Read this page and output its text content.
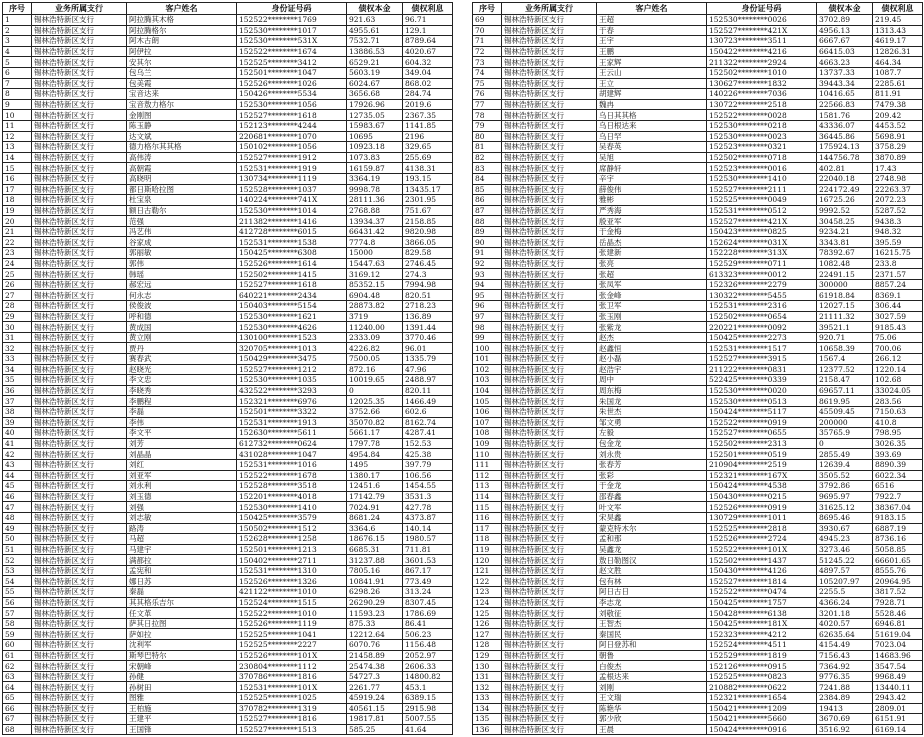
序号	业务所属支行	客户姓名	身份证号码	债权本金	债权利息
1	锡林浩特新区支行	阿拉腾其木格	152522********1769	921.63	96.71
2	锡林浩特新区支行	阿拉腾格尔	152530********1017	4955.61	129.1
3	锡林浩特新区支行	阿木古朗	152530********531X	7532.71	8789.64
4	锡林浩特新区支行	阿伊拉	152522********1674	13886.53	4020.67
5	锡林浩特新区支行	安其尔	152525********3412	6529.21	604.32
6	锡林浩特新区支行	包乌兰	152501********1047	5603.19	349.04
7	锡林浩特新区支行	包美霞	152526********1026	6024.67	868.02
8	锡林浩特新区支行	宝音达来	150426********5534	3656.68	284.74
9	锡林浩特新区支行	宝音敖力格尔	152530********1056	17926.96	2019.6
10	锡林浩特新区支行	金刚图	152527********1618	12735.05	2367.35
11	锡林浩特新区支行	陈玉静	152123********4244	15983.67	1141.85
12	锡林浩特新区支行	达文斌	220681********1070	10695	2196
13	锡林浩特新区支行	德力格尔其其格	150102********1056	10923.18	329.65
14	锡林浩特新区支行	高伟涛	152527********1912	1073.83	255.69
15	锡林浩特新区支行	高朝霞	152531********1919	16159.87	4138.31
16	锡林浩特新区支行	高晓明	130734********1119	3364.19	193.15
17	锡林浩特新区支行	都日斯哈拉图	152528********1037	9998.78	13435.17
18	锡林浩特新区支行	杜宝泉	140224********741X	28111.36	2301.95
19	锡林浩特新区支行	额日古勒尔	152530********1014	2768.88	751.67
20	锡林浩特新区支行	范强	211382********1416	13934.37	2158.85
21	锡林浩特新区支行	冯艺伟	412728********6015	66431.42	9820.98
22	锡林浩特新区支行	谷家成	152531********1538	7774.8	3866.05
23	锡林浩特新区支行	郭丽敏	150425********6308	15000	829.58
24	锡林浩特新区支行	郭伟	152526********1614	15447.63	2746.45
25	锡林浩特新区支行	韩瑶	152502********1415	3169.12	274.3
26	锡林浩特新区支行	郝宏远	152527********1618	85352.15	7994.98
27	锡林浩特新区支行	何永志	640221********2434	6904.48	820.51
28	锡林浩特新区支行	侯俊波	150403********5154	28873.82	2718.23
29	锡林浩特新区支行	呼和德	152530********1621	3719	136.89
30	锡林浩特新区支行	黄成国	152530********4626	11240.00	1391.44
31	锡林浩特新区支行	黄立刚	130100********1523	2333.09	3770.46
32	锡林浩特新区支行	贾丹	320705********1013	4226.82	96.01
33	锡林浩特新区支行	赛春武	150429********3475	7500.05	1335.79
34	锡林浩特新区支行	赵晓光	152527********1212	872.16	47.96
35	锡林浩特新区支行	李文忠	152530********1035	10019.65	2488.97
36	锡林浩特新区支行	李晓秀	432522********3293	0	820.11
37	锡林浩特新区支行	李鹏程	152321********6976	12025.35	1466.49
38	锡林浩特新区支行	李磊	152501********3322	3752.66	602.6
39	锡林浩特新区支行	李伟	152531********1913	35070.82	8162.74
40	锡林浩特新区支行	李文平	152630********5611	5661.17	4287.41
41	锡林浩特新区支行	刘芳	612732********0624	1797.78	152.53
42	锡林浩特新区支行	刘晶晶	431028********1047	4954.84	425.38
43	锡林浩特新区支行	刘红	152531********1016	1495	397.79
44	锡林浩特新区支行	刘亚军	152522********1678	1380.17	106.56
45	锡林浩特新区支行	刘永利	152528********3518	12451.6	1454.55
46	锡林浩特新区支行	刘玉德	152201********4018	17142.79	3531.3
47	锡林浩特新区支行	刘强	152530********1410	7024.91	427.78
48	锡林浩特新区支行	刘志敏	150425********3579	8681.24	4373.87
49	锡林浩特新区支行	路涛	150502********1512	3364.6	140.14
50	锡林浩特新区支行	马超	152628********1258	18676.15	1980.57
51	锡林浩特新区支行	马建宇	152501********1213	6685.31	711.81
52	锡林浩特新区支行	满都拉	150402********2711	31237.88	3601.53
53	锡林浩特新区支行	孟宪和	152531********1310	7805.16	867.17
54	锡林浩特新区支行	娜日苏	152526********1326	10841.91	773.49
55	锡林浩特新区支行	秦磊	421122********1010	6298.26	313.24
56	锡林浩特新区支行	其其格乐吉尔	152524********1515	26290.29	8307.45
57	锡林浩特新区支行	任文革	152522********1010	11593.23	1786.69
58	锡林浩特新区支行	萨其日拉图	152526********1119	875.33	86.41
59	锡林浩特新区支行	萨如拉	152525********1041	12212.64	506.23
60	锡林浩特新区支行	沈利军	152525********2227	6070.76	1156.48
61	锡林浩特新区支行	斯琴巴特尔	152526********101X	21458.89	2052.97
62	锡林浩特新区支行	宋朝峰	230804********1112	25474.38	2606.33
63	锡林浩特新区支行	孙健	370786********1816	54727.3	14800.82
64	锡林浩特新区支行	孙树田	152531********101X	2261.77	453.1
65	锡林浩特新区支行	图雅	152525********1025	45919.24	6389.15
66	锡林浩特新区支行	王柏施	370782********1319	40561.15	2915.98
67	锡林浩特新区支行	王建平	152527********1816	19817.81	5007.55
68	锡林浩特新区支行	王国锋	152527********1513	585.25	41.64
序号	业务所属支行	客户姓名	身份证号码	债权本金	债权利息
69	锡林浩特新区支行	王超	152530********0026	3702.89	219.45
70	锡林浩特新区支行	于春	152527********421X	4956.13	1313.43
71	锡林浩特新区支行	王宇	130723********3511	6667.67	4619.17
72	锡林浩特新区支行	王鹏	150422********4216	66415.03	12826.31
73	锡林浩特新区支行	王家辉	211322********2924	4663.23	464.34
74	锡林浩特新区支行	王云山	152502********1010	13737.33	1087.7
75	锡林浩特新区支行	王立	130627********1832	39443.34	2285.61
76	锡林浩特新区支行	胡建辉	140226********7036	10416.65	811.91
77	锡林浩特新区支行	魏冉	130722********2518	22566.83	7479.38
78	锡林浩特新区支行	乌日其其格	152522********0028	1581.76	209.42
79	锡林浩特新区支行	乌日根达来	152530********0218	43336.07	4453.52
80	锡林浩特新区支行	乌日罕	152530********0023	36445.86	5698.91
81	锡林浩特新区支行	吴春英	152523********0321	175924.13	3758.29
82	锡林浩特新区支行	吴旭	152502********0718	144756.78	3870.89
83	锡林浩特新区支行	席静轩	152523********0016	402.81	17.43
84	锡林浩特新区支行	辛宇	152530********1410	22040.18	2748.98
85	锡林浩特新区支行	薛俊伟	152527********2111	224172.49	22263.37
86	锡林浩特新区支行	雅彬	152525********0049	16725.26	2072.23
87	锡林浩特新区支行	严秀海	152531********0512	9992.52	5287.52
88	锡林浩特新区支行	殷亚军	152527********421X	30458.25	9438.3
89	锡林浩特新区支行	于金梅	150423********0825	9234.21	948.32
90	锡林浩特新区支行	岳晶杰	152624********031X	3343.81	395.59
91	锡林浩特新区支行	张建新	152228********313X	78392.67	16215.75
92	锡林浩特新区支行	张亮	152529********0711	1082.48	233.8
93	锡林浩特新区支行	张超	613323********0012	22491.15	2371.57
94	锡林浩特新区支行	张凤军	152326********2279	300000	8857.24
95	锡林浩特新区支行	张金峰	130322********5455	61918.84	8369.1
96	锡林浩特新区支行	张卫军	152531********2316	12027.15	306.44
97	锡林浩特新区支行	张玉刚	152502********0654	21111.32	3027.59
98	锡林浩特新区支行	张紫龙	220221********0092	39521.1	9185.43
99	锡林浩特新区支行	赵杰	150425********2273	920.71	75.06
100	锡林浩特新区支行	赵鑫恒	152531********1517	10658.39	700.06
101	锡林浩特新区支行	赵小磊	152527********3915	1567.4	266.12
102	锡林浩特新区支行	赵浩宇	211222********0831	12377.52	1220.14
103	锡林浩特新区支行	周中	522425********0339	2158.47	102.68
104	锡林浩特新区支行	周东梅	152530********0020	69657.11	33024.05
105	锡林浩特新区支行	朱国龙	152530********0513	8619.95	283.56
106	锡林浩特新区支行	朱世杰	150424********5117	45509.45	7150.63
107	锡林浩特新区支行	邹文勇	152522********0919	200000	410.8
108	锡林浩特新区支行	左毅	152527********0655	35765.9	798.95
109	锡林浩特新区支行	包金龙	152502********2313	0	3026.35
110	锡林浩特新区支行	刘永贵	152501********0519	2855.49	393.69
111	锡林浩特新区支行	张春芳	210904********2519	12639.4	8890.39
112	锡林浩特新区支行	张彩	152321********167X	3505.52	6022.34
113	锡林浩特新区支行	于金龙	150424********4538	3792.86	6516
114	锡林浩特新区支行	邵春鑫	150430********0215	9695.97	7922.7
115	锡林浩特新区支行	叶文军	152526********0919	31625.12	38367.04
116	锡林浩特新区支行	宋昊鑫	130729********1011	8695.46	9183.15
117	锡林浩特新区支行	蒙克特木尔	152525********2818	3930.67	6887.19
118	锡林浩特新区支行	孟和那	152526********2724	4945.23	8736.16
119	锡林浩特新区支行	吴鑫龙	152522********101X	3273.46	5058.85
120	锡林浩特新区支行	敖日勒图汉	152502********1437	51245.22	66601.65
121	锡林浩特新区支行	赵文胜	150430********4126	4897.57	8555.76
122	锡林浩特新区支行	包有林	152527********1814	105207.97	20964.95
123	锡林浩特新区支行	阿日古日	152522********0474	2255.5	3817.52
124	锡林浩特新区支行	李志龙	150425********1757	4366.24	7928.71
125	锡林浩特新区支行	刘敬征	150428********6138	3201.18	5528.46
126	锡林浩特新区支行	王智杰	150425********181X	4020.57	6946.81
127	锡林浩特新区支行	秦国民	152323********4212	62635.64	51619.04
128	锡林浩特新区支行	阿日登苏和	152524********4511	4154.49	7023.04
129	锡林浩特新区支行	朝鲁	152529********1819	7156.43	14683.96
130	锡林浩特新区支行	白俊杰	152126********0915	7364.92	3547.54
131	锡林浩特新区支行	孟根达来	152525********0823	9776.35	9968.49
132	锡林浩特新区支行	刘刚	210882********0622	7241.88	13440.11
133	锡林浩特新区支行	王文瑞	152321********1654	2384.89	2943.42
134	锡林浩特新区支行	陈艳华	150421********1209	19413	2809.01
135	锡林浩特新区支行	郭少欣	150421********5660	3670.69	6151.91
136	锡林浩特新区支行	王晨	150424********0916	3516.92	6169.14
